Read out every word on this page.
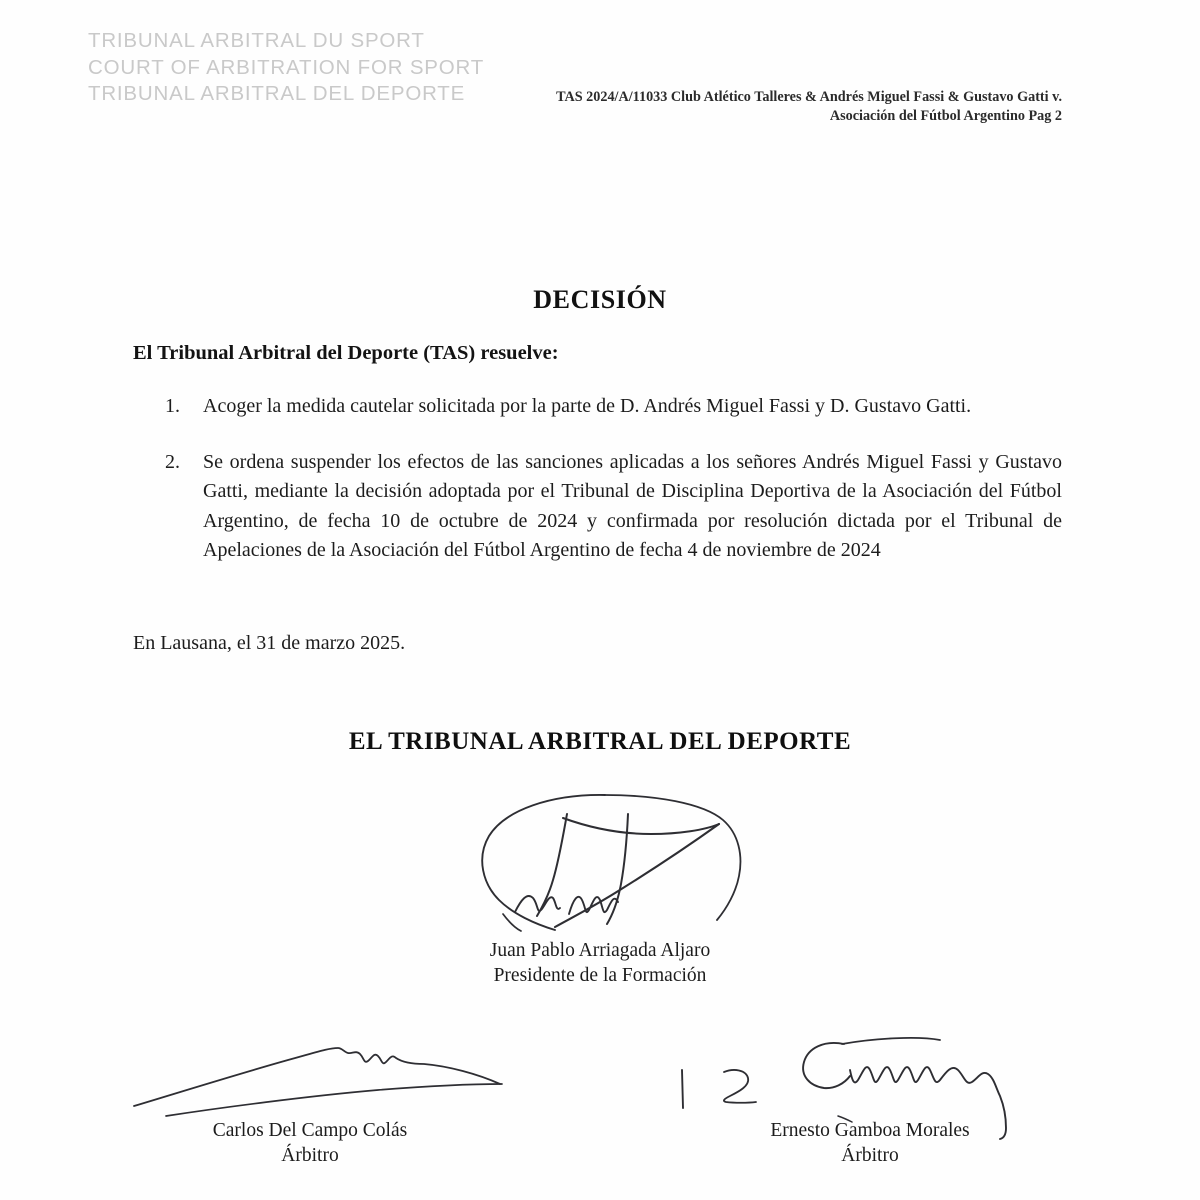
TRIBUNAL ARBITRAL DU SPORT
COURT OF ARBITRATION FOR SPORT
TRIBUNAL ARBITRAL DEL DEPORTE	TAS 2024/A/11033 Club Atlético Talleres & Andrés Miguel Fassi & Gustavo Gatti v. Asociación del Fútbol Argentino Pag 2
DECISIÓN
El Tribunal Arbitral del Deporte (TAS) resuelve:
1. Acoger la medida cautelar solicitada por la parte de D. Andrés Miguel Fassi y D. Gustavo Gatti.
2. Se ordena suspender los efectos de las sanciones aplicadas a los señores Andrés Miguel Fassi y Gustavo Gatti, mediante la decisión adoptada por el Tribunal de Disciplina Deportiva de la Asociación del Fútbol Argentino, de fecha 10 de octubre de 2024 y confirmada por resolución dictada por el Tribunal de Apelaciones de la Asociación del Fútbol Argentino de fecha 4 de noviembre de 2024
En Lausana, el 31 de marzo 2025.
EL TRIBUNAL ARBITRAL DEL DEPORTE
Juan Pablo Arriagada Aljaro
Presidente de la Formación
Carlos Del Campo Colás
Árbitro
Ernesto Gamboa Morales
Árbitro
